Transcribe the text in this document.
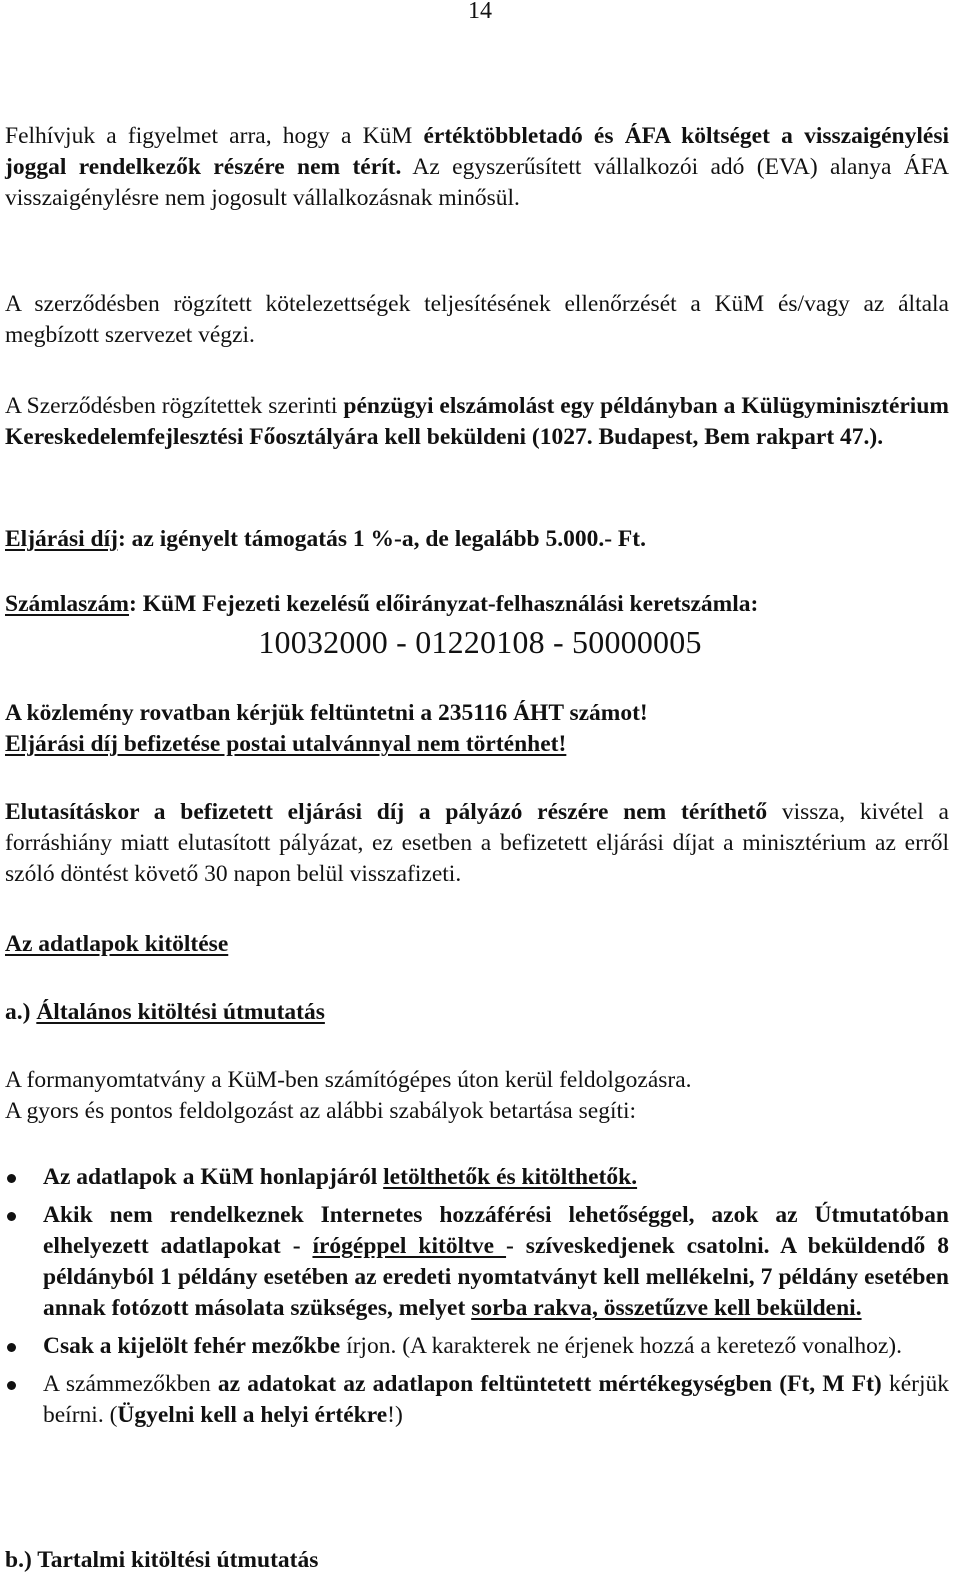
14

Felhívjuk a figyelmet arra, hogy a KüM értéktöbbletadó és ÁFA költséget a visszaigénylési joggal rendelkezők részére nem térít. Az egyszerűsített vállalkozói adó (EVA) alanya ÁFA visszaigénylésre nem jogosult vállalkozásnak minősül.

A szerződésben rögzített kötelezettségek teljesítésének ellenőrzését a KüM és/vagy az általa megbízott szervezet végzi.

A Szerződésben rögzítettek szerinti pénzügyi elszámolást egy példányban a Külügyminisztérium Kereskedelemfejlesztési Főosztályára kell beküldeni (1027. Budapest, Bem rakpart 47.).

Eljárási díj: az igényelt támogatás 1 %-a, de legalább 5.000.- Ft.

Számlaszám: KüM Fejezeti kezelésű előirányzat-felhasználási keretszámla:

10032000 - 01220108 - 50000005

A közlemény rovatban kérjük feltüntetni a 235116 ÁHT számot!

Eljárási díj befizetése postai utalvánnyal nem történhet!

Elutasításkor a befizetett eljárási díj a pályázó részére nem téríthető vissza, kivétel a forráshiány miatt elutasított pályázat, ez esetben a befizetett eljárási díjat a minisztérium az erről szóló döntést követő 30 napon belül visszafizeti.

Az adatlapok kitöltése

a.) Általános kitöltési útmutatás

A formanyomtatvány a KüM-ben számítógépes úton kerül feldolgozásra.

A gyors és pontos feldolgozást az alábbi szabályok betartása segíti:

Az adatlapok a KüM honlapjáról letölthetők és kitölthetők.
Akik nem rendelkeznek Internetes hozzáférési lehetőséggel, azok az Útmutatóban elhelyezett adatlapokat - írógéppel kitöltve - szíveskedjenek csatolni. A beküldendő 8 példányból 1 példány esetében az eredeti nyomtatványt kell mellékelni, 7 példány esetében annak fotózott másolata szükséges, melyet sorba rakva, összetűzve kell beküldeni.
Csak a kijelölt fehér mezőkbe írjon. (A karakterek ne érjenek hozzá a keretező vonalhoz).
A számmezőkben az adatokat az adatlapon feltüntetett mértékegységben (Ft, M Ft) kérjük beírni. (Ügyelni kell a helyi értékre!)

b.) Tartalmi kitöltési útmutatás
